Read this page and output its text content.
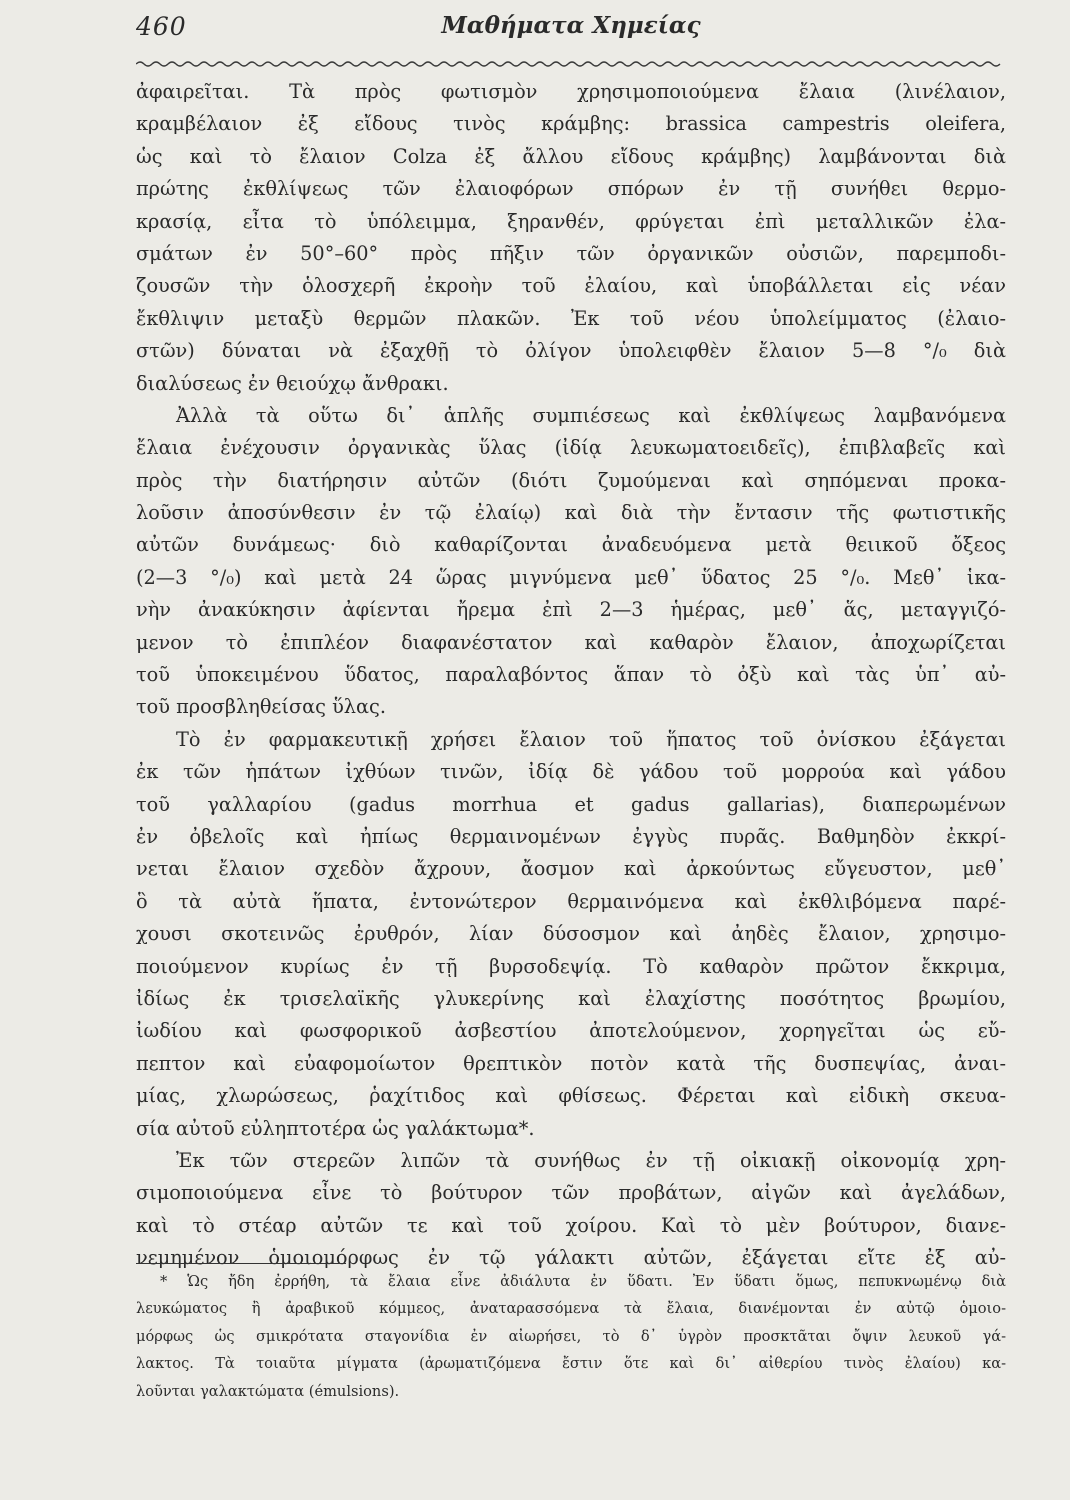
460	Μαθήματα Χημείας
ἀφαιρεῖται. Τὰ πρὸς φωτισμὸν χρησιμοποιούμενα ἔλαια (λινέλαιον,
κραμβέλαιον ἐξ εἴδους τινὸς κράμβης: brassica campestris oleifera,
ὡς καὶ τὸ ἔλαιον Colza ἐξ ἄλλου εἴδους κράμβης) λαμβάνονται διὰ
πρώτης ἐκθλίψεως τῶν ἐλαιοφόρων σπόρων ἐν τῇ συνήθει θερμο-
κρασίᾳ, εἶτα τὸ ὑπόλειμμα, ξηρανθέν, φρύγεται ἐπὶ μεταλλικῶν ἐλα-
σμάτων ἐν 50°–60° πρὸς πῆξιν τῶν ὀργανικῶν οὐσιῶν, παρεμποδι-
ζουσῶν τὴν ὁλοσχερῆ ἐκροὴν τοῦ ἐλαίου, καὶ ὑποβάλλεται εἰς νέαν
ἔκθλιψιν μεταξὺ θερμῶν πλακῶν. Ἐκ τοῦ νέου ὑπολείμματος (ἐλαιο-
στῶν) δύναται νὰ ἐξαχθῇ τὸ ὀλίγον ὑπολειφθὲν ἔλαιον 5—8 °/₀ διὰ
διαλύσεως ἐν θειούχῳ ἄνθρακι.
Ἀλλὰ τὰ οὕτω δι᾽ ἁπλῆς συμπιέσεως καὶ ἐκθλίψεως λαμβανόμενα
ἔλαια ἐνέχουσιν ὀργανικὰς ὕλας (ἰδίᾳ λευκωματοειδεῖς), ἐπιβλαβεῖς καὶ
πρὸς τὴν διατήρησιν αὐτῶν (διότι ζυμούμεναι καὶ σηπόμεναι προκα-
λοῦσιν ἀποσύνθεσιν ἐν τῷ ἐλαίῳ) καὶ διὰ τὴν ἔντασιν τῆς φωτιστικῆς
αὐτῶν δυνάμεως· διὸ καθαρίζονται ἀναδευόμενα μετὰ θειικοῦ ὄξεος
(2—3 °/₀) καὶ μετὰ 24 ὥρας μιγνύμενα μεθ᾽ ὕδατος 25 °/₀. Μεθ᾽ ἱκα-
νὴν ἀνακύκησιν ἀφίενται ἤρεμα ἐπὶ 2—3 ἡμέρας, μεθ᾽ ἅς, μεταγγιζό-
μενον τὸ ἐπιπλέον διαφανέστατον καὶ καθαρὸν ἔλαιον, ἀποχωρίζεται
τοῦ ὑποκειμένου ὕδατος, παραλαβόντος ἅπαν τὸ ὀξὺ καὶ τὰς ὑπ᾽ αὐ-
τοῦ προσβληθείσας ὕλας.
Τὸ ἐν φαρμακευτικῇ χρήσει ἔλαιον τοῦ ἥπατος τοῦ ὀνίσκου ἐξάγεται
ἐκ τῶν ἡπάτων ἰχθύων τινῶν, ἰδίᾳ δὲ γάδου τοῦ μορρούα καὶ γάδου
τοῦ γαλλαρίου (gadus morrhua et gadus gallarias), διαπερωμένων
ἐν ὀβελοῖς καὶ ἠπίως θερμαινομένων ἐγγὺς πυρᾶς. Βαθμηδὸν ἐκκρί-
νεται ἔλαιον σχεδὸν ἄχρουν, ἄοσμον καὶ ἀρκούντως εὔγευστον, μεθ᾽
ὃ τὰ αὐτὰ ἥπατα, ἐντονώτερον θερμαινόμενα καὶ ἐκθλιβόμενα παρέ-
χουσι σκοτεινῶς ἐρυθρόν, λίαν δύσοσμον καὶ ἀηδὲς ἔλαιον, χρησιμο-
ποιούμενον κυρίως ἐν τῇ βυρσοδεψίᾳ. Τὸ καθαρὸν πρῶτον ἔκκριμα,
ἰδίως ἐκ τρισελαϊκῆς γλυκερίνης καὶ ἐλαχίστης ποσότητος βρωμίου,
ἰωδίου καὶ φωσφορικοῦ ἀσβεστίου ἀποτελούμενον, χορηγεῖται ὡς εὔ-
πεπτον καὶ εὐαφομοίωτον θρεπτικὸν ποτὸν κατὰ τῆς δυσπεψίας, ἀναι-
μίας, χλωρώσεως, ῥαχίτιδος καὶ φθίσεως. Φέρεται καὶ εἰδικὴ σκευα-
σία αὐτοῦ εὐληπτοτέρα ὡς γαλάκτωμα*.
Ἐκ τῶν στερεῶν λιπῶν τὰ συνήθως ἐν τῇ οἰκιακῇ οἰκονομίᾳ χρη-
σιμοποιούμενα εἶνε τὸ βούτυρον τῶν προβάτων, αἰγῶν καὶ ἀγελάδων,
καὶ τὸ στέαρ αὐτῶν τε καὶ τοῦ χοίρου. Καὶ τὸ μὲν βούτυρον, διανε-
νεμημένον ὁμοιομόρφως ἐν τῷ γάλακτι αὐτῶν, ἐξάγεται εἴτε ἐξ αὐ-
* Ὡς ἤδη ἐρρήθη, τὰ ἔλαια εἶνε ἀδιάλυτα ἐν ὕδατι. Ἐν ὕδατι ὅμως, πεπυκνωμένῳ διὰ
λευκώματος ἢ ἀραβικοῦ κόμμεος, ἀναταρασσόμενα τὰ ἔλαια, διανέμονται ἐν αὐτῷ ὁμοιο-
μόρφως ὡς σμικρότατα σταγονίδια ἐν αἰωρήσει, τὸ δ᾽ ὑγρὸν προσκτᾶται ὄψιν λευκοῦ γά-
λακτος. Τὰ τοιαῦτα μίγματα (ἀρωματιζόμενα ἔστιν ὅτε καὶ δι᾽ αἰθερίου τινὸς ἐλαίου) κα-
λοῦνται γαλακτώματα (émulsions).
